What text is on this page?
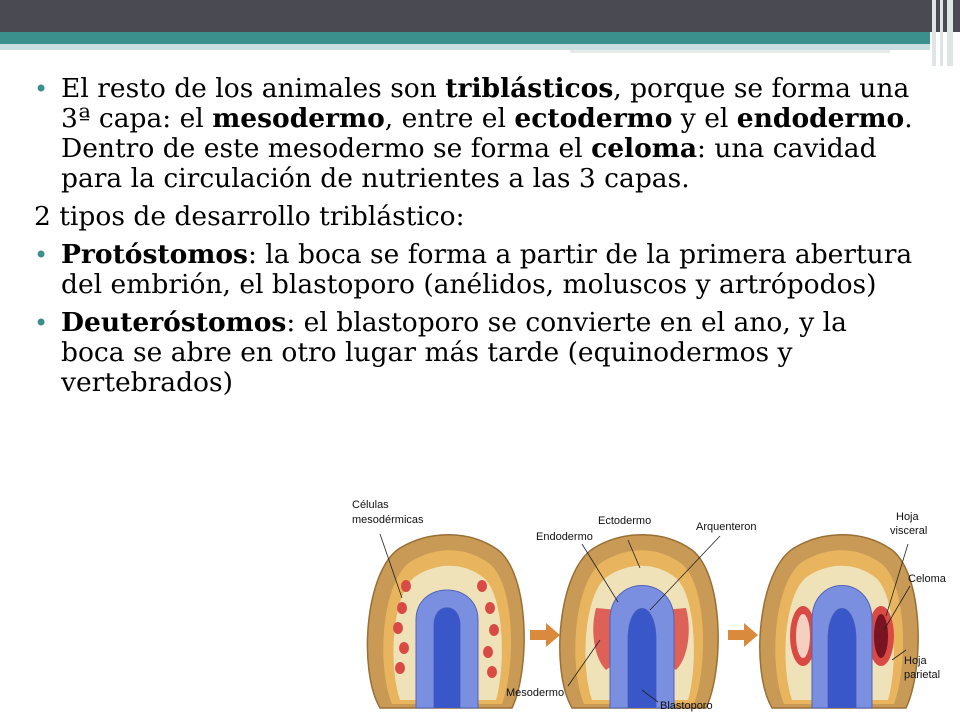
• El resto de los animales son triblásticos, porque se forma una 3ª capa: el mesodermo, entre el ectodermo y el endodermo. Dentro de este mesodermo se forma el celoma: una cavidad para la circulación de nutrientes a las 3 capas.

2 tipos de desarrollo triblástico:

• Protóstomos: la boca se forma a partir de la primera abertura del embrión, el blastoporo (anélidos, moluscos y artrópodos)

• Deuteróstomos: el blastoporo se convierte en el ano, y la boca se abre en otro lugar más tarde (equinodermos y vertebrados)

Células
mesodérmicas	Ectodermo
Endodermo
Arquenteron
Mesodermo
Blastoporo
Hoja
visceral
Celoma
Hoja
parietal
